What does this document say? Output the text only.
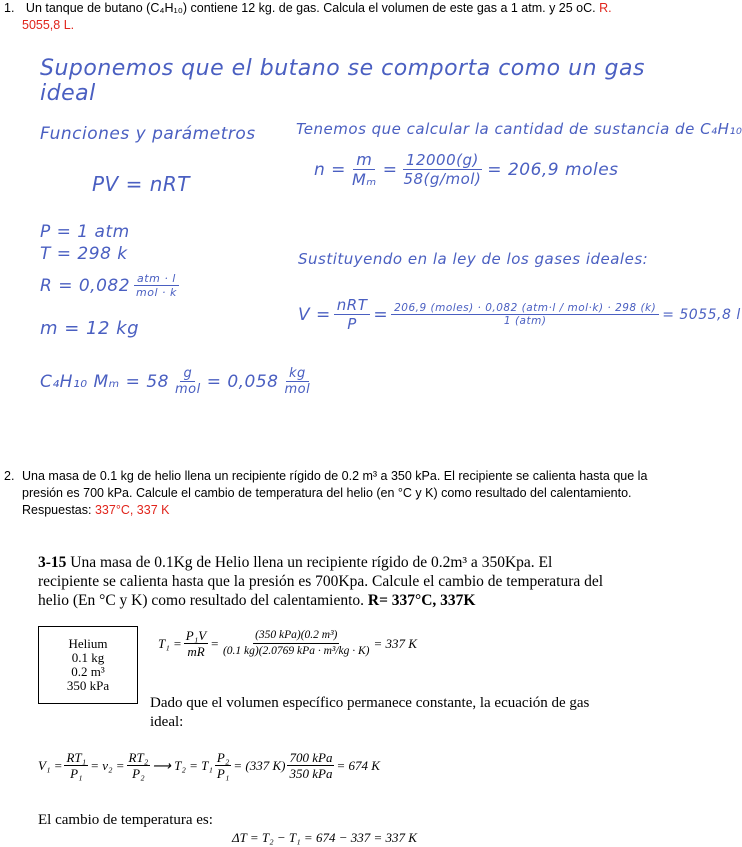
1. Un tanque de butano (C₄H₁₀) contiene 12 kg. de gas. Calcula el volumen de este gas a 1 atm. y 25 oC. R.
5055,8 L.
Suponemos que el butano se comporta como un gas ideal
Funciones y parámetros
PV = nRT
P = 1 atm
T = 298 k
R = 0,082 atm · l
mol · k
m = 12 kg
C₄H₁₀ Mₘ = 58 g
mol = 0,058 kg
mol
Tenemos que calcular la cantidad de sustancia de C₄H₁₀
$n = \frac{m}{\text{Mₘ}} = 12000(g)$
58(g/mol) = 206,9 moles
Sustituyendo en la ley de los gases ideales:
V = nRT
P = 206,9 (moles) · 0,082 (atm·l / mol·k) · 298 (k)
1 (atm)	= 5055,8 l
2. Una masa de 0.1 kg de helio llena un recipiente rígido de 0.2 m³ a 350 kPa. El recipiente se calienta hasta que la presión es 700 kPa. Calcule el cambio de temperatura del helio (en °C y K) como resultado del calentamiento. Respuestas: 337°C, 337 K
3-15 Una masa de 0.1Kg de Helio llena un recipiente rígido de 0.2m³ a 350Kpa. El recipiente se calienta hasta que la presión es 700Kpa. Calcule el cambio de temperatura del helio (En °C y K) como resultado del calentamiento. R= 337°C, 337K
Helium
0.1 kg
0.2 m³
350 kPa
$T_1 = \frac{\text{P₁V}}{mR} = \frac{\text{(350 kPa)(0.2 m³)}}{\text{(0.1 kg)(2.0769 kPa · m³/kg · K)}} = 337$ K
Dado que el volumen específico permanece constante, la ecuación de gas ideal:
$V_1 = \frac{\text{RT₁}}{\text{P₁}} = v_2 = \frac{\text{RT₂}}{\text{P₂}}$ ⟶ $T_2 = T_1 \frac{\text{P₂}}{\text{P₁}} = (337$ $K) \frac{\text{700 kPa}}{\text{350 kPa}} = 674$ K
El cambio de temperatura es:
ΔT = T₂ − T₁ = 674 − 337 = 337 K
